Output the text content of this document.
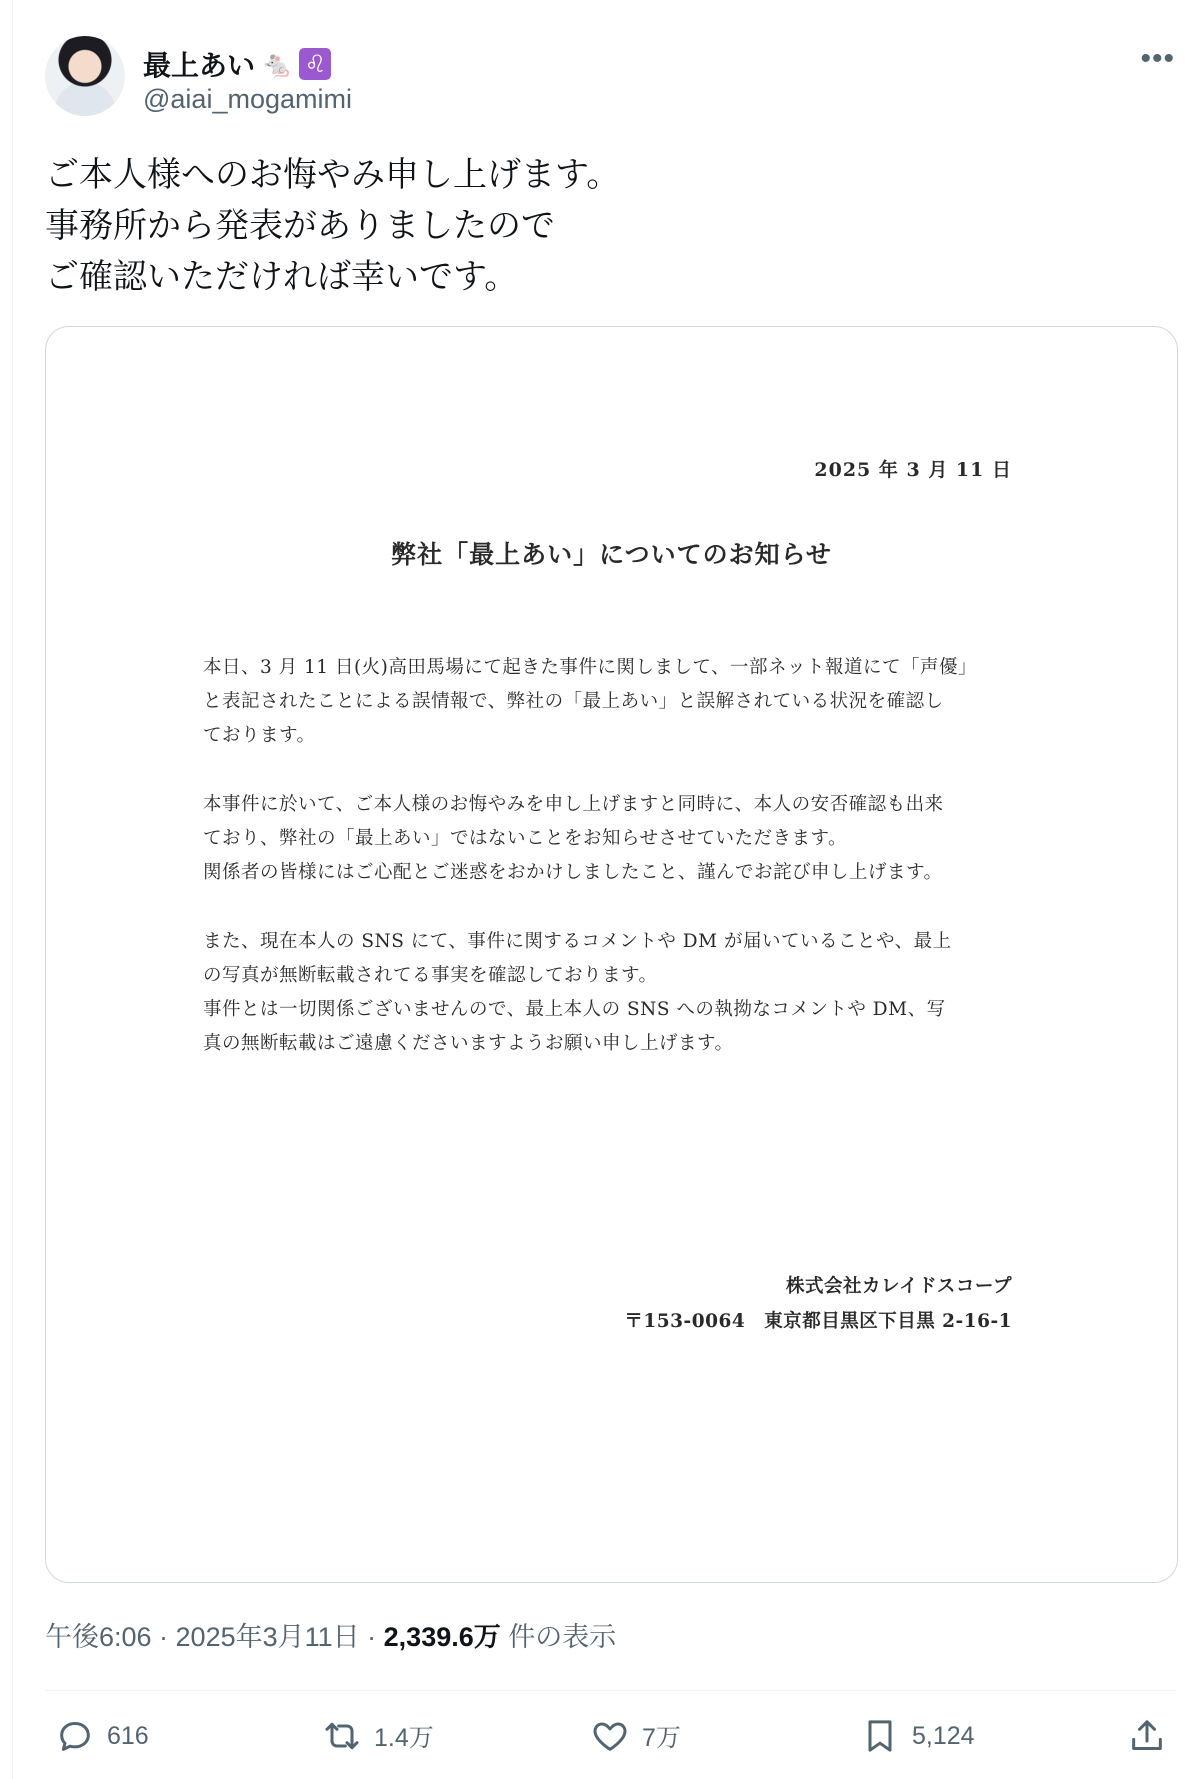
最上あい 🐁 ♌
@aiai_mogamimi
•••
ご本人様へのお悔やみ申し上げます。
事務所から発表がありましたので
ご確認いただければ幸いです。
2025 年 3 月 11 日
弊社「最上あい」についてのお知らせ
本日、3 月 11 日(火)高田馬場にて起きた事件に関しまして、一部ネット報道にて「声優」
と表記されたことによる誤情報で、弊社の「最上あい」と誤解されている状況を確認し
ております。
本事件に於いて、ご本人様のお悔やみを申し上げますと同時に、本人の安否確認も出来
ており、弊社の「最上あい」ではないことをお知らせさせていただきます。
関係者の皆様にはご心配とご迷惑をおかけしましたこと、謹んでお詫び申し上げます。
また、現在本人の SNS にて、事件に関するコメントや DM が届いていることや、最上
の写真が無断転載されてる事実を確認しております。
事件とは一切関係ございませんので、最上本人の SNS への執拗なコメントや DM、写
真の無断転載はご遠慮くださいますようお願い申し上げます。
株式会社カレイドスコープ
〒153-0064　東京都目黒区下目黒 2-16-1
午後6:06 · 2025年3月11日 · 2,339.6万 件の表示
616	1.4万	7万	5,124
